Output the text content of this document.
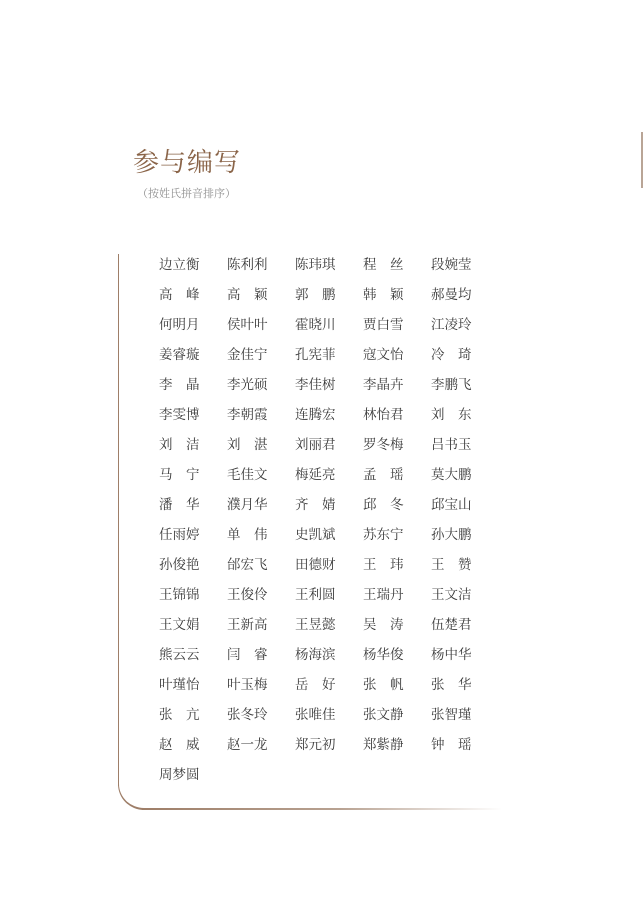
参与编写
（按姓氏拼音排序）
边立衡	陈利利	陈玮琪	程　丝	段婉莹
高　峰	高　颖	郭　鹏	韩　颖	郝曼均
何明月	侯叶叶	霍晓川	贾白雪	江凌玲
姜睿璇	金佳宁	孔宪菲	寇文怡	冷　琦
李　晶	李光硕	李佳树	李晶卉	李鹏飞
李雯博	李朝霞	连腾宏	林怡君	刘　东
刘　洁	刘　湛	刘丽君	罗冬梅	吕书玉
马　宁	毛佳文	梅延亮	孟　瑶	莫大鹏
潘　华	濮月华	齐　婧	邱　冬	邱宝山
任雨婷	单　伟	史凯斌	苏东宁	孙大鹏
孙俊艳	邰宏飞	田德财	王　玮	王　赞
王锦锦	王俊伶	王利圆	王瑞丹	王文洁
王文娟	王新高	王昱懿	吴　涛	伍楚君
熊云云	闫　睿	杨海滨	杨华俊	杨中华
叶瑾怡	叶玉梅	岳　好	张　帆	张　华
张　亢	张冬玲	张唯佳	张文静	张智瑾
赵　威	赵一龙	郑元初	郑紫静	钟　瑶
周梦圆
